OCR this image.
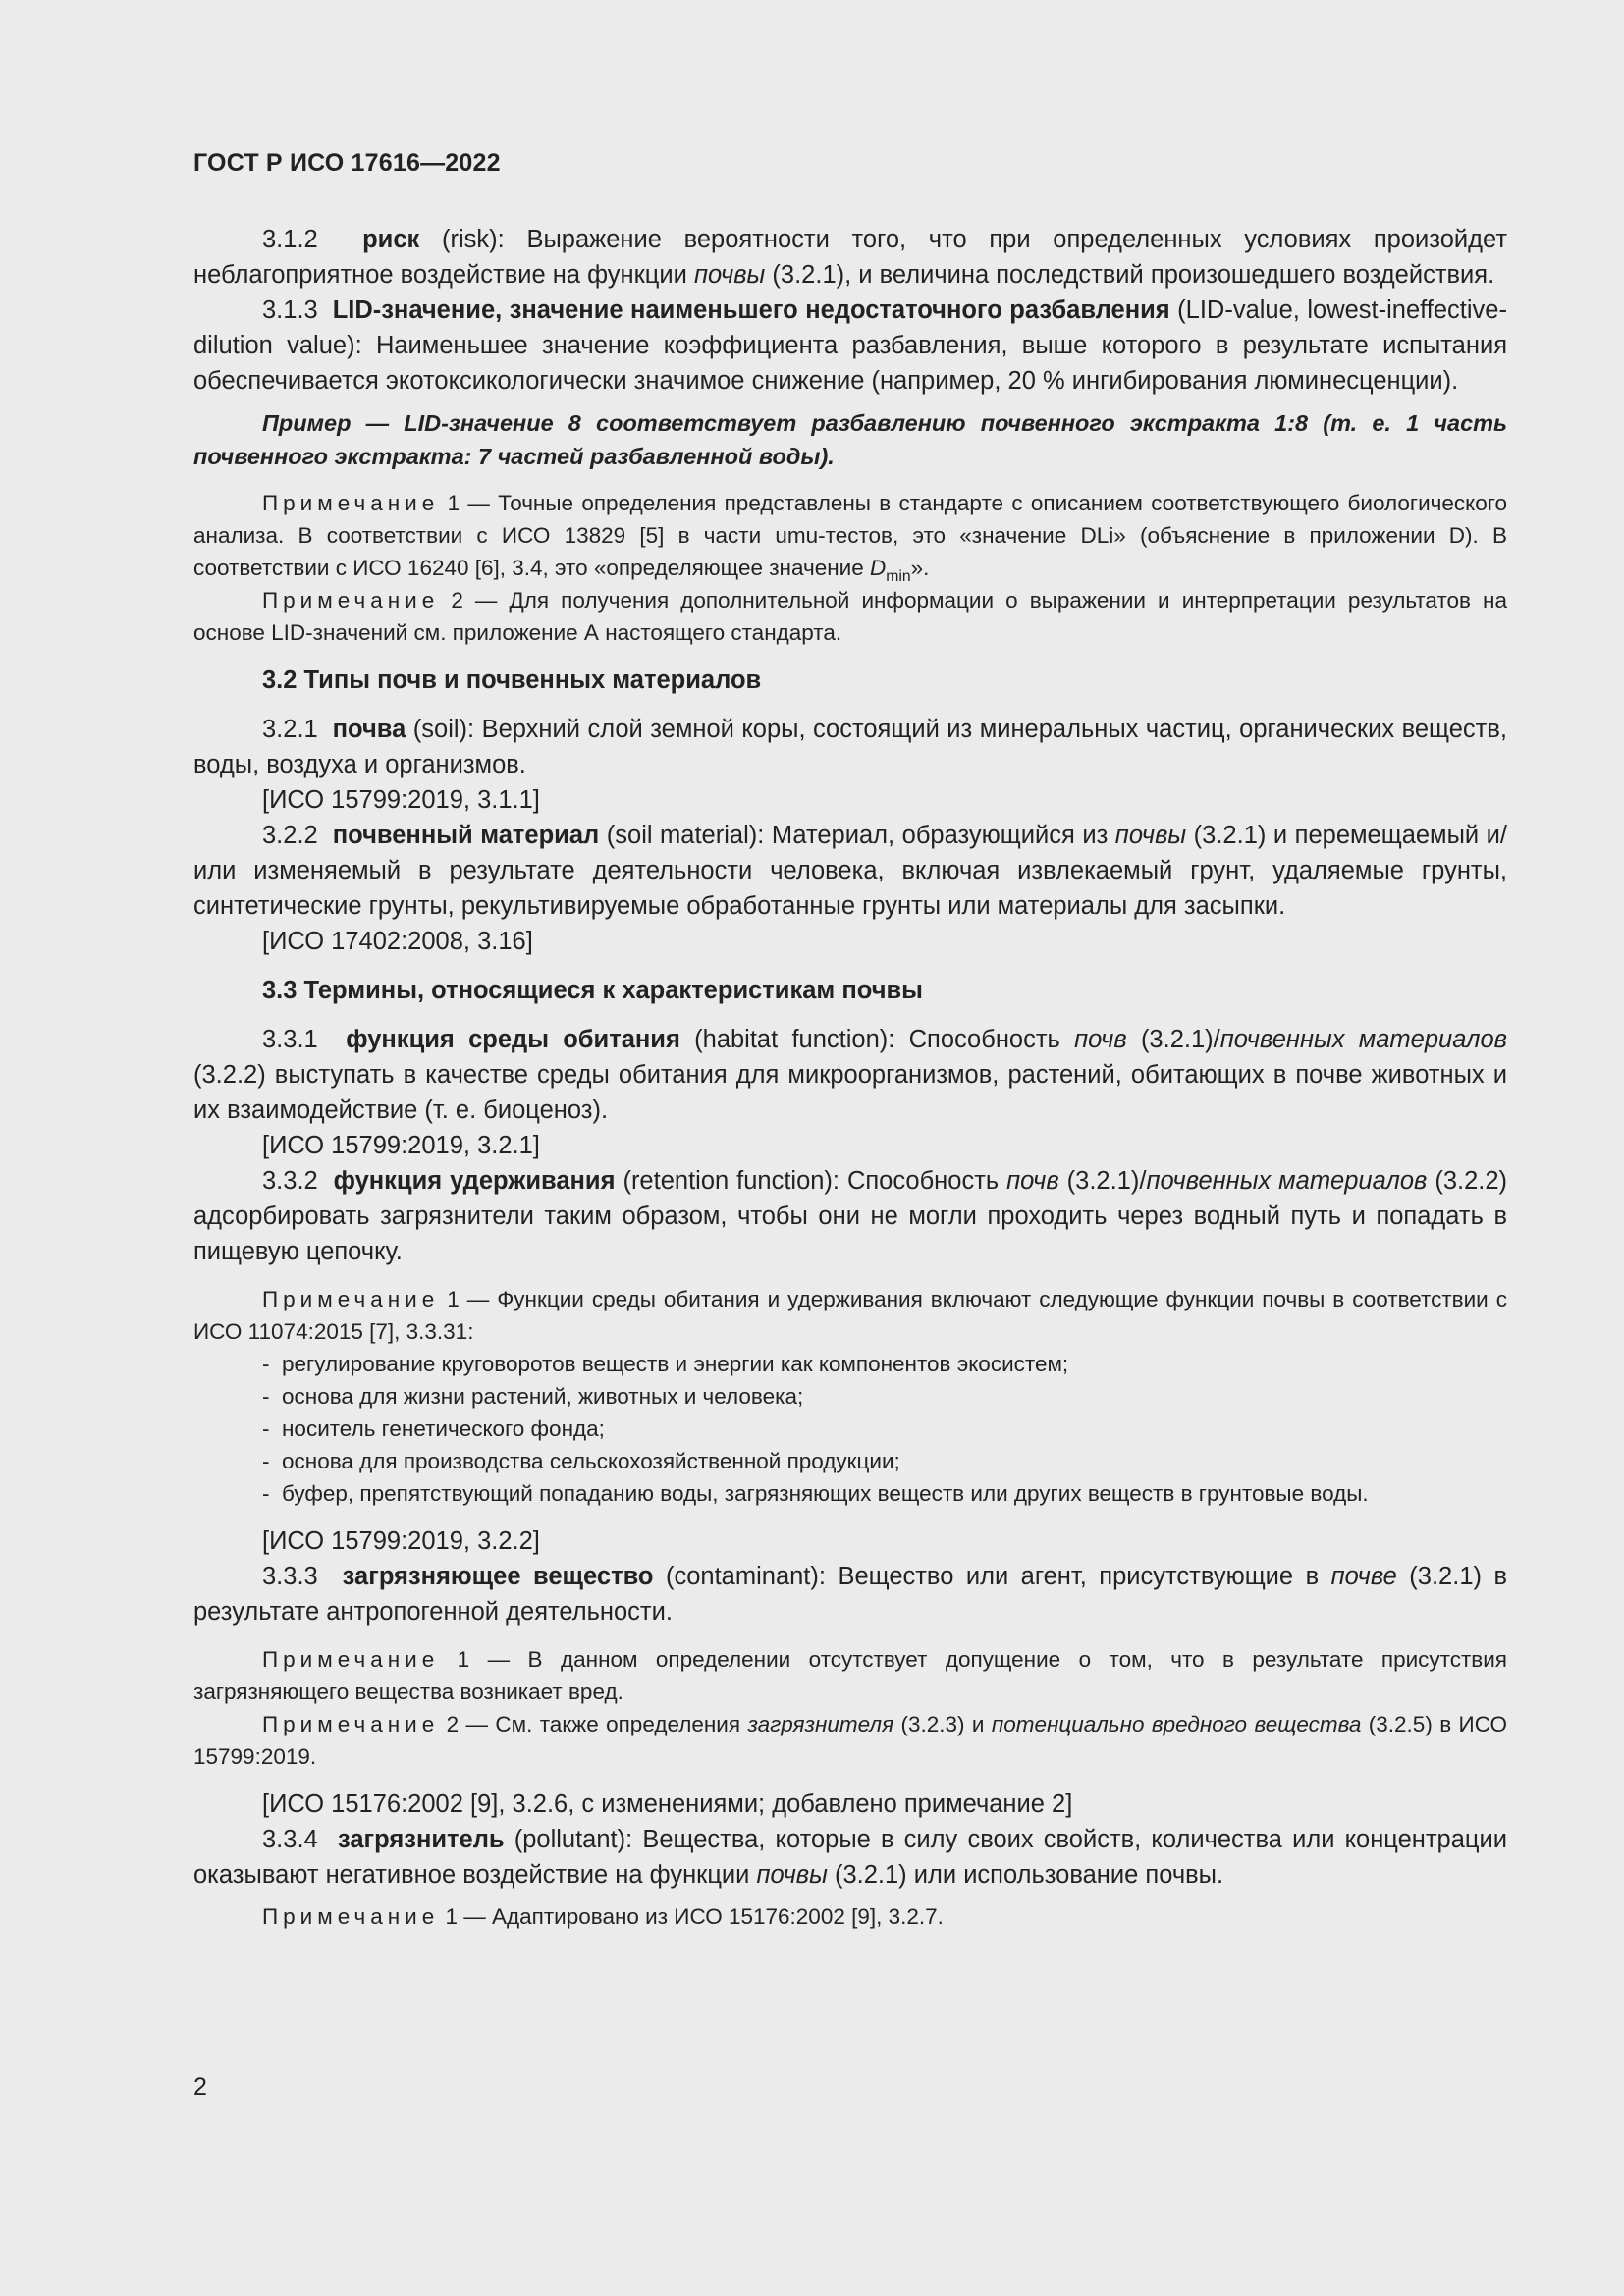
ГОСТ Р ИСО 17616—2022

3.1.2 риск (risk): Выражение вероятности того, что при определенных условиях произойдет неблагоприятное воздействие на функции почвы (3.2.1), и величина последствий произошедшего воздействия.

3.1.3 LID-значение, значение наименьшего недостаточного разбавления (LID-value, lowest-ineffective-dilution value): Наименьшее значение коэффициента разбавления, выше которого в результате испытания обеспечивается экотоксикологически значимое снижение (например, 20 % ингибирования люминесценции).

Пример — LID-значение 8 соответствует разбавлению почвенного экстракта 1:8 (т. е. 1 часть почвенного экстракта: 7 частей разбавленной воды).

Примечание 1 — Точные определения представлены в стандарте с описанием соответствующего биологического анализа. В соответствии с ИСО 13829 [5] в части umu-тестов, это «значение DLi» (объяснение в приложении D). В соответствии с ИСО 16240 [6], 3.4, это «определяющее значение $D_{min}$».

Примечание 2 — Для получения дополнительной информации о выражении и интерпретации результатов на основе LID-значений см. приложение А настоящего стандарта.

3.2 Типы почв и почвенных материалов

3.2.1 почва (soil): Верхний слой земной коры, состоящий из минеральных частиц, органических веществ, воды, воздуха и организмов.

[ИСО 15799:2019, 3.1.1]

3.2.2 почвенный материал (soil material): Материал, образующийся из почвы (3.2.1) и перемещаемый и/или изменяемый в результате деятельности человека, включая извлекаемый грунт, удаляемые грунты, синтетические грунты, рекультивируемые обработанные грунты или материалы для засыпки.

[ИСО 17402:2008, 3.16]

3.3 Термины, относящиеся к характеристикам почвы

3.3.1 функция среды обитания (habitat function): Способность почв (3.2.1)/почвенных материалов (3.2.2) выступать в качестве среды обитания для микроорганизмов, растений, обитающих в почве животных и их взаимодействие (т. е. биоценоз).

[ИСО 15799:2019, 3.2.1]

3.3.2 функция удерживания (retention function): Способность почв (3.2.1)/почвенных материалов (3.2.2) адсорбировать загрязнители таким образом, чтобы они не могли проходить через водный путь и попадать в пищевую цепочку.

Примечание 1 — Функции среды обитания и удерживания включают следующие функции почвы в соответствии с ИСО 11074:2015 [7], 3.3.31:

- регулирование круговоротов веществ и энергии как компонентов экосистем;
- основа для жизни растений, животных и человека;
- носитель генетического фонда;
- основа для производства сельскохозяйственной продукции;
- буфер, препятствующий попаданию воды, загрязняющих веществ или других веществ в грунтовые воды.

[ИСО 15799:2019, 3.2.2]

3.3.3 загрязняющее вещество (contaminant): Вещество или агент, присутствующие в почве (3.2.1) в результате антропогенной деятельности.

Примечание 1 — В данном определении отсутствует допущение о том, что в результате присутствия загрязняющего вещества возникает вред.

Примечание 2 — См. также определения загрязнителя (3.2.3) и потенциально вредного вещества (3.2.5) в ИСО 15799:2019.

[ИСО 15176:2002 [9], 3.2.6, с изменениями; добавлено примечание 2]

3.3.4 загрязнитель (pollutant): Вещества, которые в силу своих свойств, количества или концентрации оказывают негативное воздействие на функции почвы (3.2.1) или использование почвы.

Примечание 1 — Адаптировано из ИСО 15176:2002 [9], 3.2.7.

2
